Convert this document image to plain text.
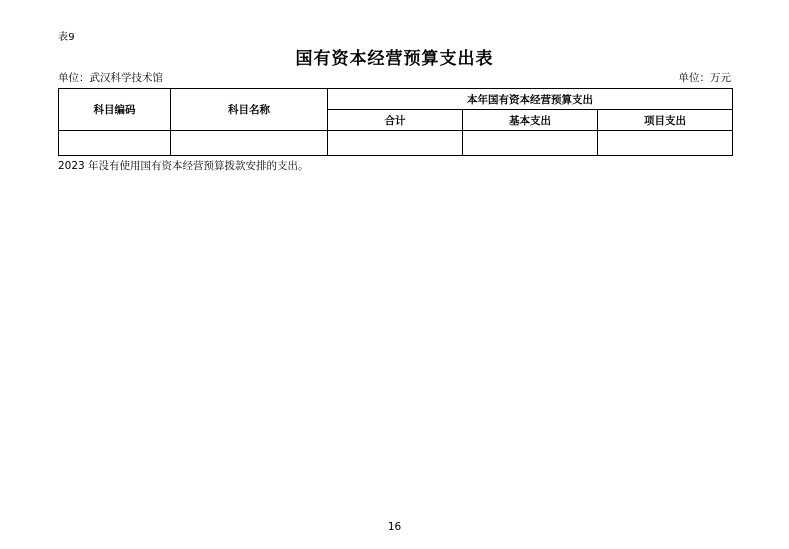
表9
国有资本经营预算支出表
单位：武汉科学技术馆	单位：万元
科目编码	科目名称	本年国有资本经营预算支出		
		合计	基本支出	项目支出

2023 年没有使用国有资本经营预算拨款安排的支出。
16
